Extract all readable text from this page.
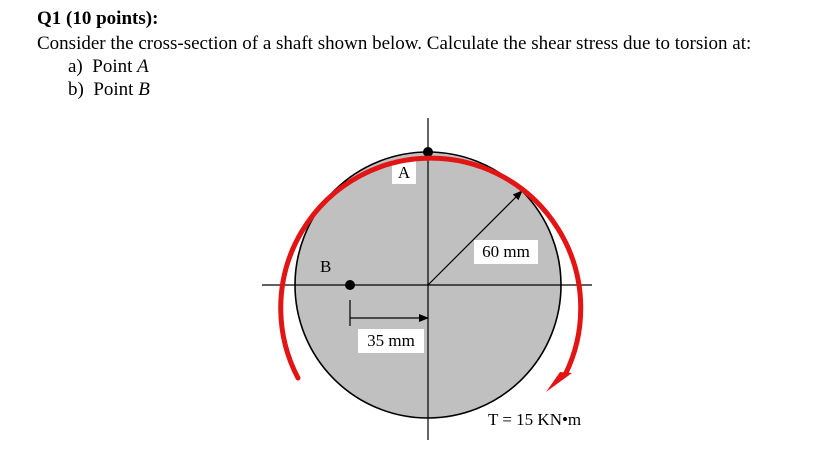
Q1 (10 points):
Consider the cross-section of a shaft shown below. Calculate the shear stress due to torsion at:
a) Point A
b) Point B
A
B
60 mm
35 mm
T = 15 KN•m
